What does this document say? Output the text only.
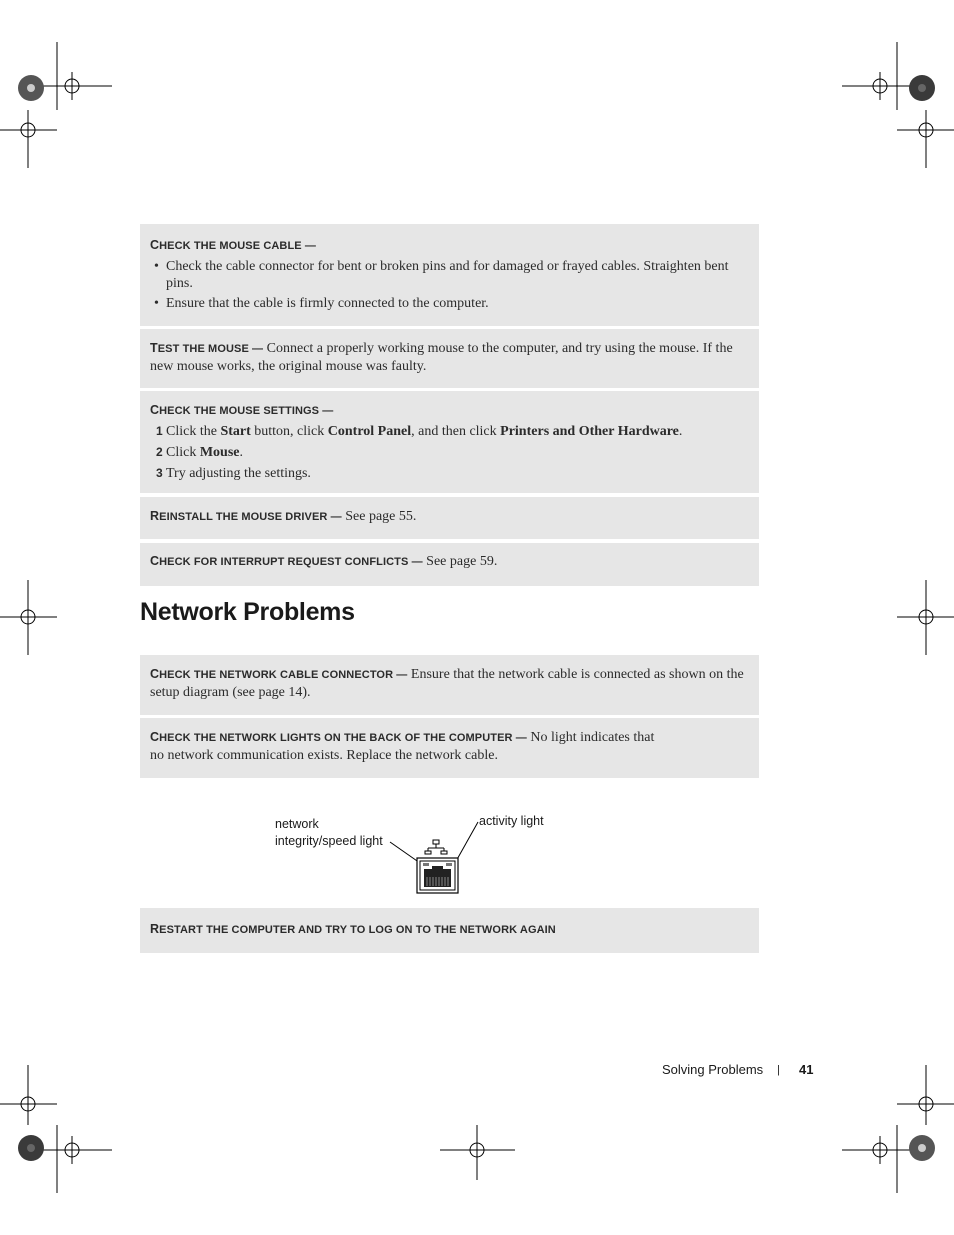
CHECK THE MOUSE CABLE —

• Check the cable connector for bent or broken pins and for damaged or frayed cables. Straighten bent pins.

• Ensure that the cable is firmly connected to the computer.

TEST THE MOUSE — Connect a properly working mouse to the computer, and try using the mouse. If the new mouse works, the original mouse was faulty.

CHECK THE MOUSE SETTINGS —

1 Click the Start button, click Control Panel, and then click Printers and Other Hardware.

2 Click Mouse.

3 Try adjusting the settings.

REINSTALL THE MOUSE DRIVER — See page 55.

CHECK FOR INTERRUPT REQUEST CONFLICTS — See page 59.

Network Problems

CHECK THE NETWORK CABLE CONNECTOR — Ensure that the network cable is connected as shown on the setup diagram (see page 14).

CHECK THE NETWORK LIGHTS ON THE BACK OF THE COMPUTER — No light indicates that no network communication exists. Replace the network cable.

network
integrity/speed light
activity light

RESTART THE COMPUTER AND TRY TO LOG ON TO THE NETWORK AGAIN

Solving Problems | 41
